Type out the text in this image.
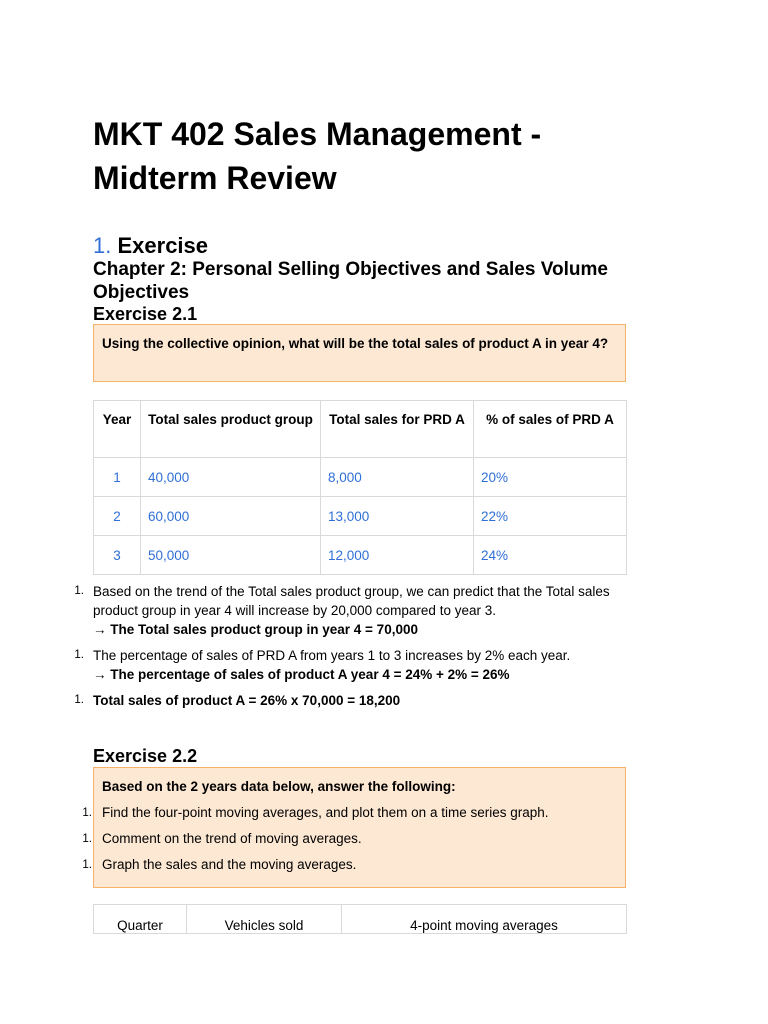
MKT 402 Sales Management - Midterm Review
1. Exercise
Chapter 2: Personal Selling Objectives and Sales Volume Objectives
Exercise 2.1

Using the collective opinion, what will be the total sales of product A in year 4?

Year	Total sales product group	Total sales for PRD A	% of sales of PRD A
1	40,000	8,000	20%
2	60,000	13,000	22%
3	50,000	12,000	24%
1. Based on the trend of the Total sales product group, we can predict that the Total sales product group in year 4 will increase by 20,000 compared to year 3.
→ The Total sales product group in year 4 = 70,000
1. The percentage of sales of PRD A from years 1 to 3 increases by 2% each year.
→ The percentage of sales of product A year 4 = 24% + 2% = 26%
1. Total sales of product A = 26% x 70,000 = 18,200
Exercise 2.2

Based on the 2 years data below, answer the following:

1. Find the four-point moving averages, and plot them on a time series graph.
1. Comment on the trend of moving averages.
1. Graph the sales and the moving averages.
Quarter	Vehicles sold	4-point moving averages
